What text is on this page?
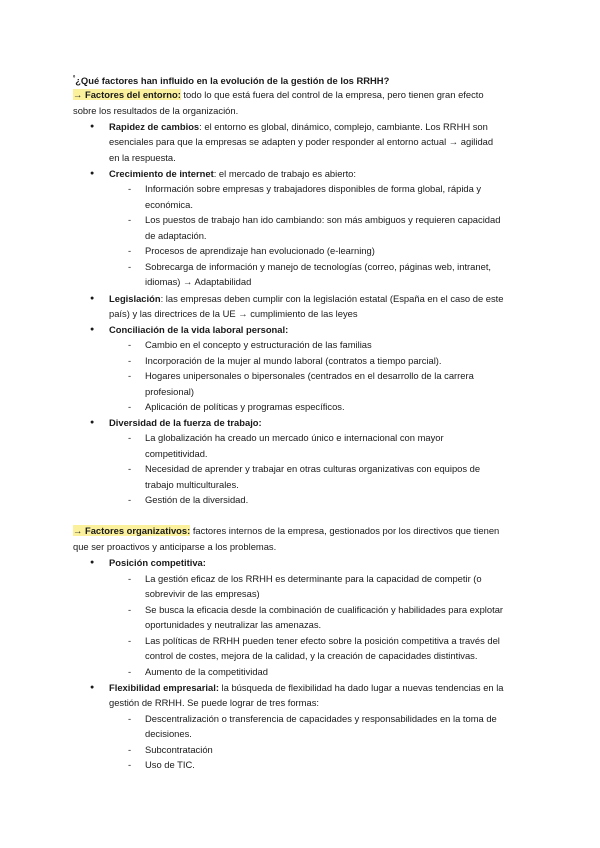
$^º$¿Qué factores han influido en la evolución de la gestión de los RRHH?
→ Factores del entorno: todo lo que está fuera del control de la empresa, pero tienen gran efecto
sobre los resultados de la organización.
● Rapidez de cambios: el entorno es global, dinámico, complejo, cambiante. Los RRHH son
esenciales para que la empresas se adapten y poder responder al entorno actual → agilidad
en la respuesta.
● Crecimiento de internet: el mercado de trabajo es abierto:
- Información sobre empresas y trabajadores disponibles de forma global, rápida y
económica.
- Los puestos de trabajo han ido cambiando: son más ambiguos y requieren capacidad
de adaptación.
- Procesos de aprendizaje han evolucionado (e-learning)
- Sobrecarga de información y manejo de tecnologías (correo, páginas web, intranet,
idiomas) → Adaptabilidad
● Legislación: las empresas deben cumplir con la legislación estatal (España en el caso de este
país) y las directrices de la UE → cumplimiento de las leyes
● Conciliación de la vida laboral personal:
- Cambio en el concepto y estructuración de las familias
- Incorporación de la mujer al mundo laboral (contratos a tiempo parcial).
- Hogares unipersonales o bipersonales (centrados en el desarrollo de la carrera
profesional)
- Aplicación de políticas y programas específicos.
● Diversidad de la fuerza de trabajo:
- La globalización ha creado un mercado único e internacional con mayor
competitividad.
- Necesidad de aprender y trabajar en otras culturas organizativas con equipos de
trabajo multiculturales.
- Gestión de la diversidad.
→ Factores organizativos: factores internos de la empresa, gestionados por los directivos que tienen
que ser proactivos y anticiparse a los problemas.
● Posición competitiva:
- La gestión eficaz de los RRHH es determinante para la capacidad de competir (o
sobrevivir de las empresas)
- Se busca la eficacia desde la combinación de cualificación y habilidades para explotar
oportunidades y neutralizar las amenazas.
- Las políticas de RRHH pueden tener efecto sobre la posición competitiva a través del
control de costes, mejora de la calidad, y la creación de capacidades distintivas.
- Aumento de la competitividad
● Flexibilidad empresarial: la búsqueda de flexibilidad ha dado lugar a nuevas tendencias en la
gestión de RRHH. Se puede lograr de tres formas:
- Descentralización o transferencia de capacidades y responsabilidades en la toma de
decisiones.
- Subcontratación
- Uso de TIC.
